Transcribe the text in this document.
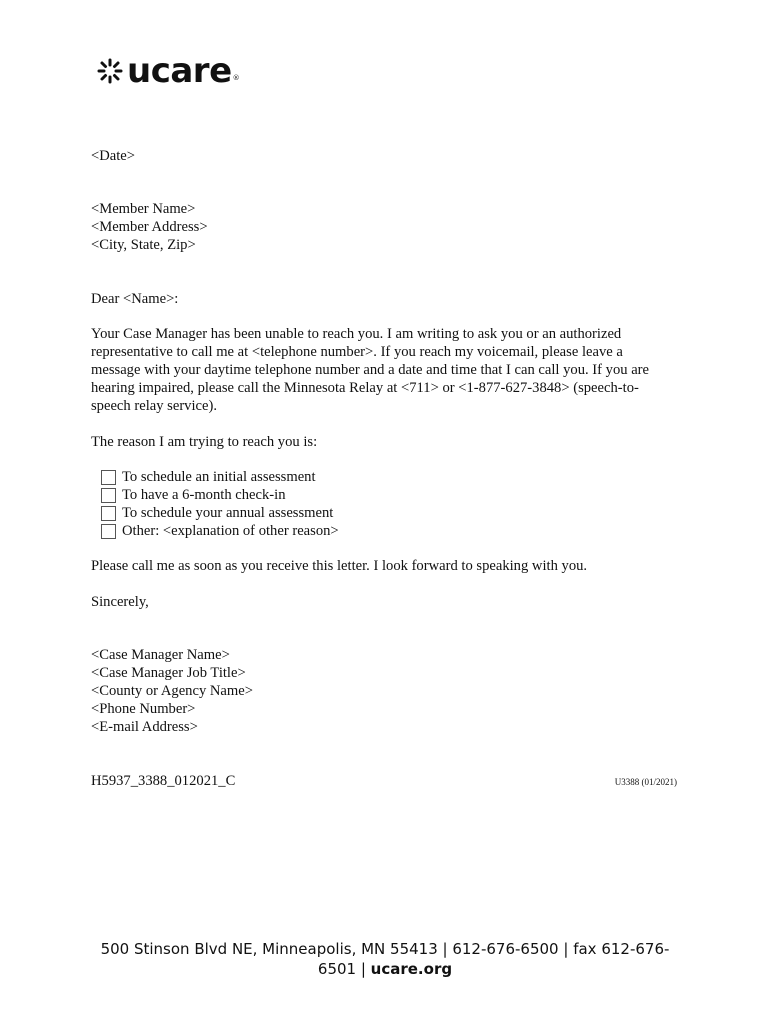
ucare ®
<Date>
<Member Name>
<Member Address>
<City, State, Zip>
Dear <Name>:
Your Case Manager has been unable to reach you. I am writing to ask you or an authorized
representative to call me at <telephone number>. If you reach my voicemail, please leave a
message with your daytime telephone number and a date and time that I can call you. If you are
hearing impaired, please call the Minnesota Relay at <711> or <1-877-627-3848> (speech-to-
speech relay service).
The reason I am trying to reach you is:
To schedule an initial assessment
To have a 6-month check-in
To schedule your annual assessment
Other: <explanation of other reason>
Please call me as soon as you receive this letter. I look forward to speaking with you.
Sincerely,
<Case Manager Name>
<Case Manager Job Title>
<County or Agency Name>
<Phone Number>
<E-mail Address>
H5937_3388_012021_C	U3388 (01/2021)
500 Stinson Blvd NE, Minneapolis, MN 55413 | 612-676-6500 | fax 612-676-
6501 | ucare.org
